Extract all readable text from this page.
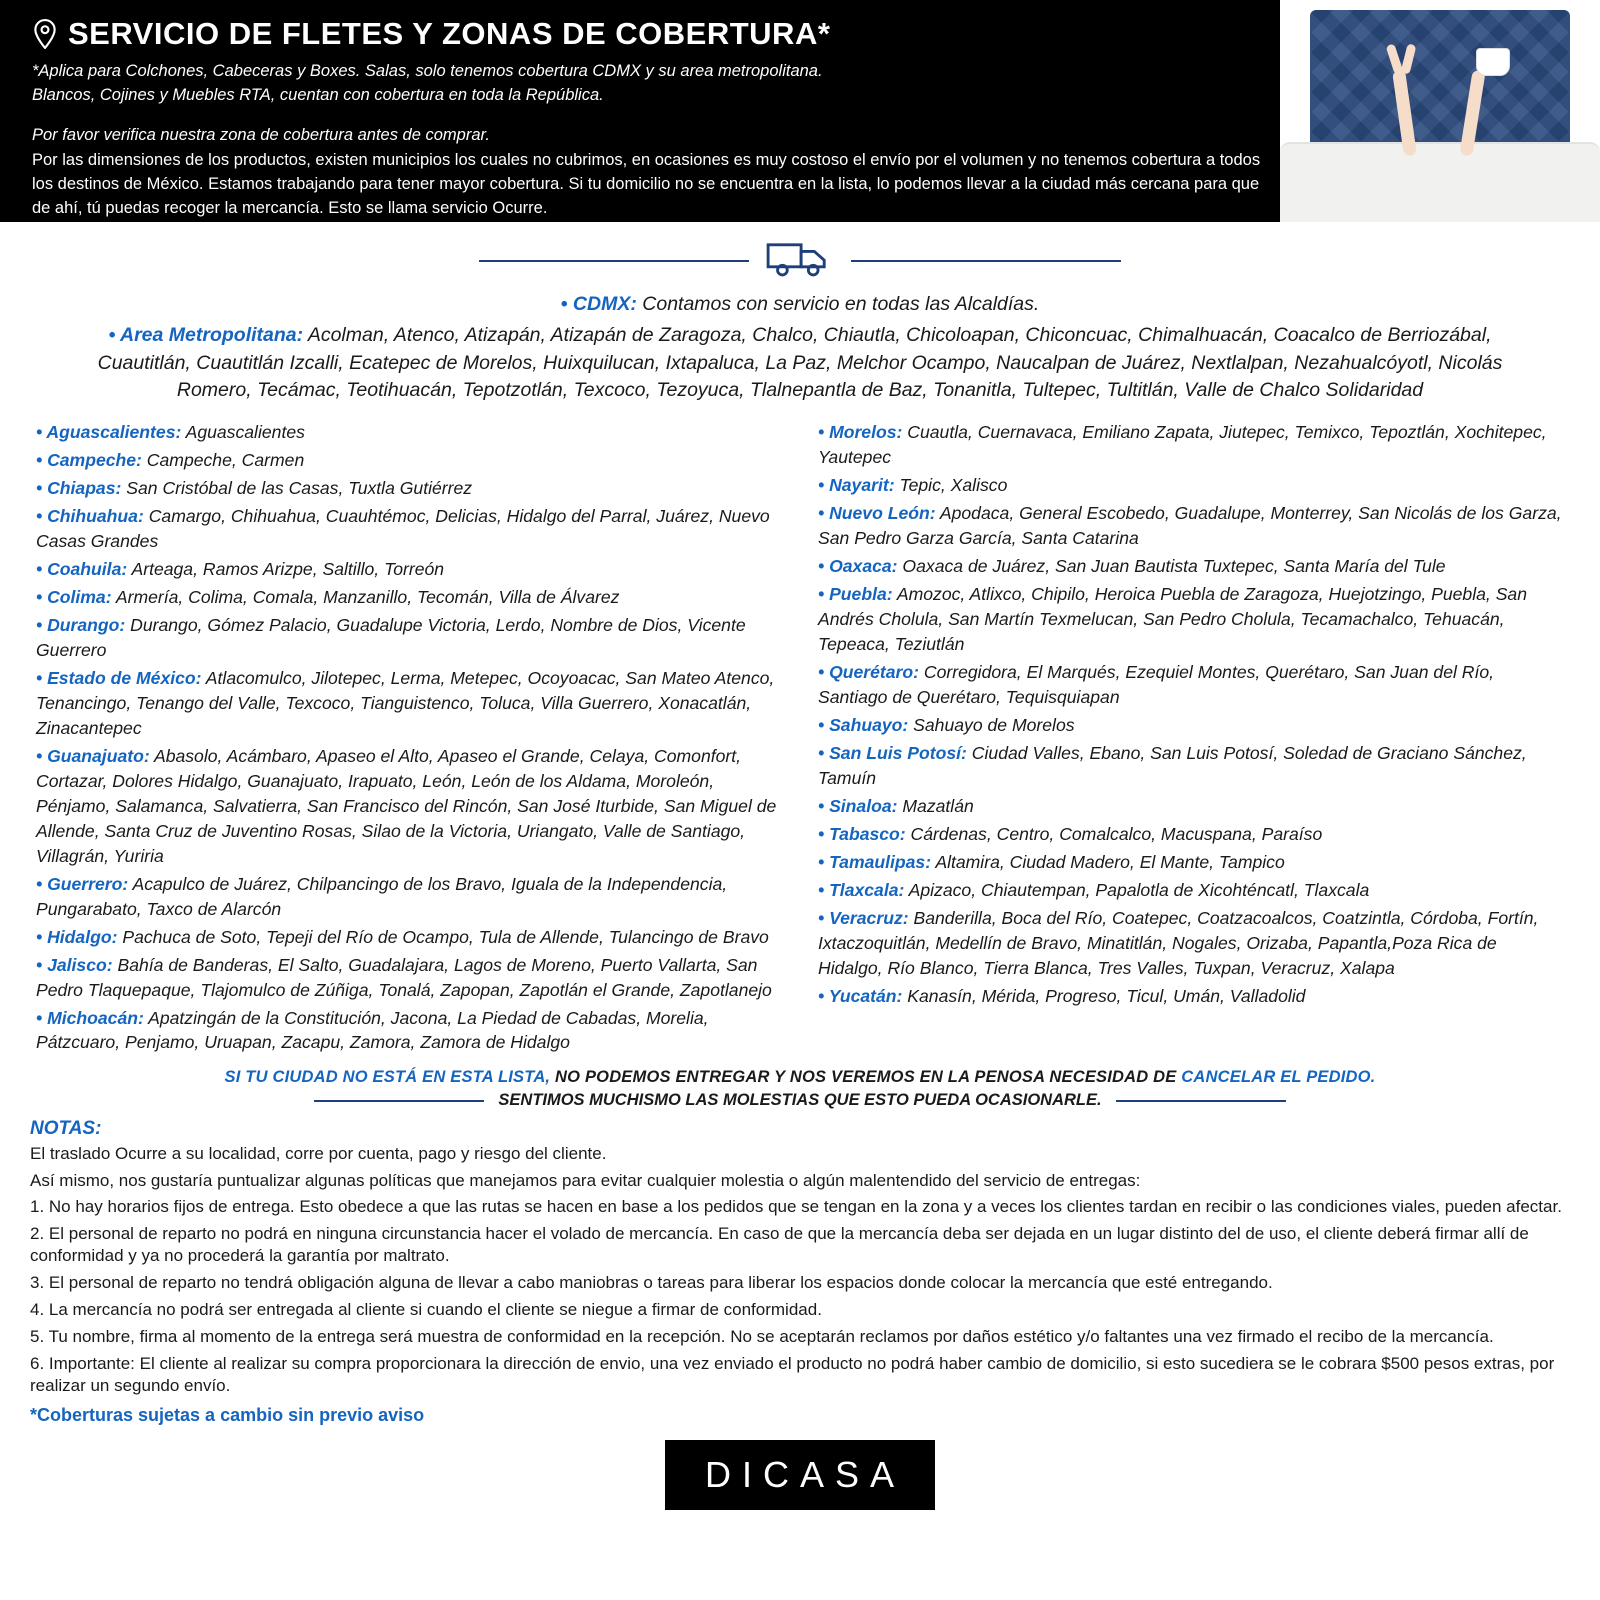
SERVICIO DE FLETES Y ZONAS DE COBERTURA*
*Aplica para Colchones, Cabeceras y Boxes. Salas, solo tenemos cobertura CDMX y su area metropolitana.
Blancos, Cojines y Muebles RTA, cuentan con cobertura en toda la República.
Por favor verifica nuestra zona de cobertura antes de comprar.
Por las dimensiones de los productos, existen municipios los cuales no cubrimos, en ocasiones es muy costoso el envío por el volumen y no tenemos cobertura a todos los destinos de México. Estamos trabajando para tener mayor cobertura. Si tu domicilio no se encuentra en la lista, lo podemos llevar a la ciudad más cercana para que de ahí, tú puedas recoger la mercancía. Esto se llama servicio Ocurre.
• CDMX: Contamos con servicio en todas las Alcaldías.
• Area Metropolitana: Acolman, Atenco, Atizapán, Atizapán de Zaragoza, Chalco, Chiautla, Chicoloapan, Chiconcuac, Chimalhuacán, Coacalco de Berriozábal, Cuautitlán, Cuautitlán Izcalli, Ecatepec de Morelos, Huixquilucan, Ixtapaluca, La Paz, Melchor Ocampo, Naucalpan de Juárez, Nextlalpan, Nezahualcóyotl, Nicolás Romero, Tecámac, Teotihuacán, Tepotzotlán, Texcoco, Tezoyuca, Tlalnepantla de Baz, Tonanitla, Tultepec, Tultitlán, Valle de Chalco Solidaridad
• Aguascalientes: Aguascalientes
• Campeche: Campeche, Carmen
• Chiapas: San Cristóbal de las Casas, Tuxtla Gutiérrez
• Chihuahua: Camargo, Chihuahua, Cuauhtémoc, Delicias, Hidalgo del Parral, Juárez, Nuevo Casas Grandes
• Coahuila: Arteaga, Ramos Arizpe, Saltillo, Torreón
• Colima: Armería, Colima, Comala, Manzanillo, Tecomán, Villa de Álvarez
• Durango: Durango, Gómez Palacio, Guadalupe Victoria, Lerdo, Nombre de Dios, Vicente Guerrero
• Estado de México: Atlacomulco, Jilotepec, Lerma, Metepec, Ocoyoacac, San Mateo Atenco, Tenancingo, Tenango del Valle, Texcoco, Tianguistenco, Toluca, Villa Guerrero, Xonacatlán, Zinacantepec
• Guanajuato: Abasolo, Acámbaro, Apaseo el Alto, Apaseo el Grande, Celaya, Comonfort, Cortazar, Dolores Hidalgo, Guanajuato, Irapuato, León, León de los Aldama, Moroleón, Pénjamo, Salamanca, Salvatierra, San Francisco del Rincón, San José Iturbide, San Miguel de Allende, Santa Cruz de Juventino Rosas, Silao de la Victoria, Uriangato, Valle de Santiago, Villagrán, Yuriria
• Guerrero: Acapulco de Juárez, Chilpancingo de los Bravo, Iguala de la Independencia, Pungarabato, Taxco de Alarcón
• Hidalgo: Pachuca de Soto, Tepeji del Río de Ocampo, Tula de Allende, Tulancingo de Bravo
• Jalisco: Bahía de Banderas, El Salto, Guadalajara, Lagos de Moreno, Puerto Vallarta, San Pedro Tlaquepaque, Tlajomulco de Zúñiga, Tonalá, Zapopan, Zapotlán el Grande, Zapotlanejo
• Michoacán: Apatzingán de la Constitución, Jacona, La Piedad de Cabadas, Morelia, Pátzcuaro, Penjamo, Uruapan, Zacapu, Zamora, Zamora de Hidalgo
• Morelos: Cuautla, Cuernavaca, Emiliano Zapata, Jiutepec, Temixco, Tepoztlán, Xochitepec, Yautepec
• Nayarit: Tepic, Xalisco
• Nuevo León: Apodaca, General Escobedo, Guadalupe, Monterrey, San Nicolás de los Garza, San Pedro Garza García, Santa Catarina
• Oaxaca: Oaxaca de Juárez, San Juan Bautista Tuxtepec, Santa María del Tule
• Puebla: Amozoc, Atlixco, Chipilo, Heroica Puebla de Zaragoza, Huejotzingo, Puebla, San Andrés Cholula, San Martín Texmelucan, San Pedro Cholula, Tecamachalco, Tehuacán, Tepeaca, Teziutlán
• Querétaro: Corregidora, El Marqués, Ezequiel Montes, Querétaro, San Juan del Río, Santiago de Querétaro, Tequisquiapan
• Sahuayo: Sahuayo de Morelos
• San Luis Potosí: Ciudad Valles, Ebano, San Luis Potosí, Soledad de Graciano Sánchez, Tamuín
• Sinaloa: Mazatlán
• Tabasco: Cárdenas, Centro, Comalcalco, Macuspana, Paraíso
• Tamaulipas: Altamira, Ciudad Madero, El Mante, Tampico
• Tlaxcala: Apizaco, Chiautempan, Papalotla de Xicohténcatl, Tlaxcala
• Veracruz: Banderilla, Boca del Río, Coatepec, Coatzacoalcos, Coatzintla, Córdoba, Fortín, Ixtaczoquitlán, Medellín de Bravo, Minatitlán, Nogales, Orizaba, Papantla,Poza Rica de Hidalgo, Río Blanco, Tierra Blanca, Tres Valles, Tuxpan, Veracruz, Xalapa
• Yucatán: Kanasín, Mérida, Progreso, Ticul, Umán, Valladolid
SI TU CIUDAD NO ESTÁ EN ESTA LISTA, NO PODEMOS ENTREGAR Y NOS VEREMOS EN LA PENOSA NECESIDAD DE CANCELAR EL PEDIDO.
SENTIMOS MUCHISMO LAS MOLESTIAS QUE ESTO PUEDA OCASIONARLE.
NOTAS:
El traslado Ocurre a su localidad, corre por cuenta, pago y riesgo del cliente.
Así mismo, nos gustaría puntualizar algunas políticas que manejamos para evitar cualquier molestia o algún malentendido del servicio de entregas:
1. No hay horarios fijos de entrega. Esto obedece a que las rutas se hacen en base a los pedidos que se tengan en la zona y a veces los clientes tardan en recibir o las condiciones viales, pueden afectar.
2. El personal de reparto no podrá en ninguna circunstancia hacer el volado de mercancía. En caso de que la mercancía deba ser dejada en un lugar distinto del de uso, el cliente deberá firmar allí de conformidad y ya no procederá la garantía por maltrato.
3. El personal de reparto no tendrá obligación alguna de llevar a cabo maniobras o tareas para liberar los espacios donde colocar la mercancía que esté entregando.
4. La mercancía no podrá ser entregada al cliente si cuando el cliente se niegue a firmar de conformidad.
5. Tu nombre, firma al momento de la entrega será muestra de conformidad en la recepción. No se aceptarán reclamos por daños estético y/o faltantes una vez firmado el recibo de la mercancía.
6. Importante: El cliente al realizar su compra proporcionara la dirección de envio, una vez enviado el producto no podrá haber cambio de domicilio, si esto sucediera se le cobrara $500 pesos extras, por realizar un segundo envío.
*Coberturas sujetas a cambio sin previo aviso
DICASA
